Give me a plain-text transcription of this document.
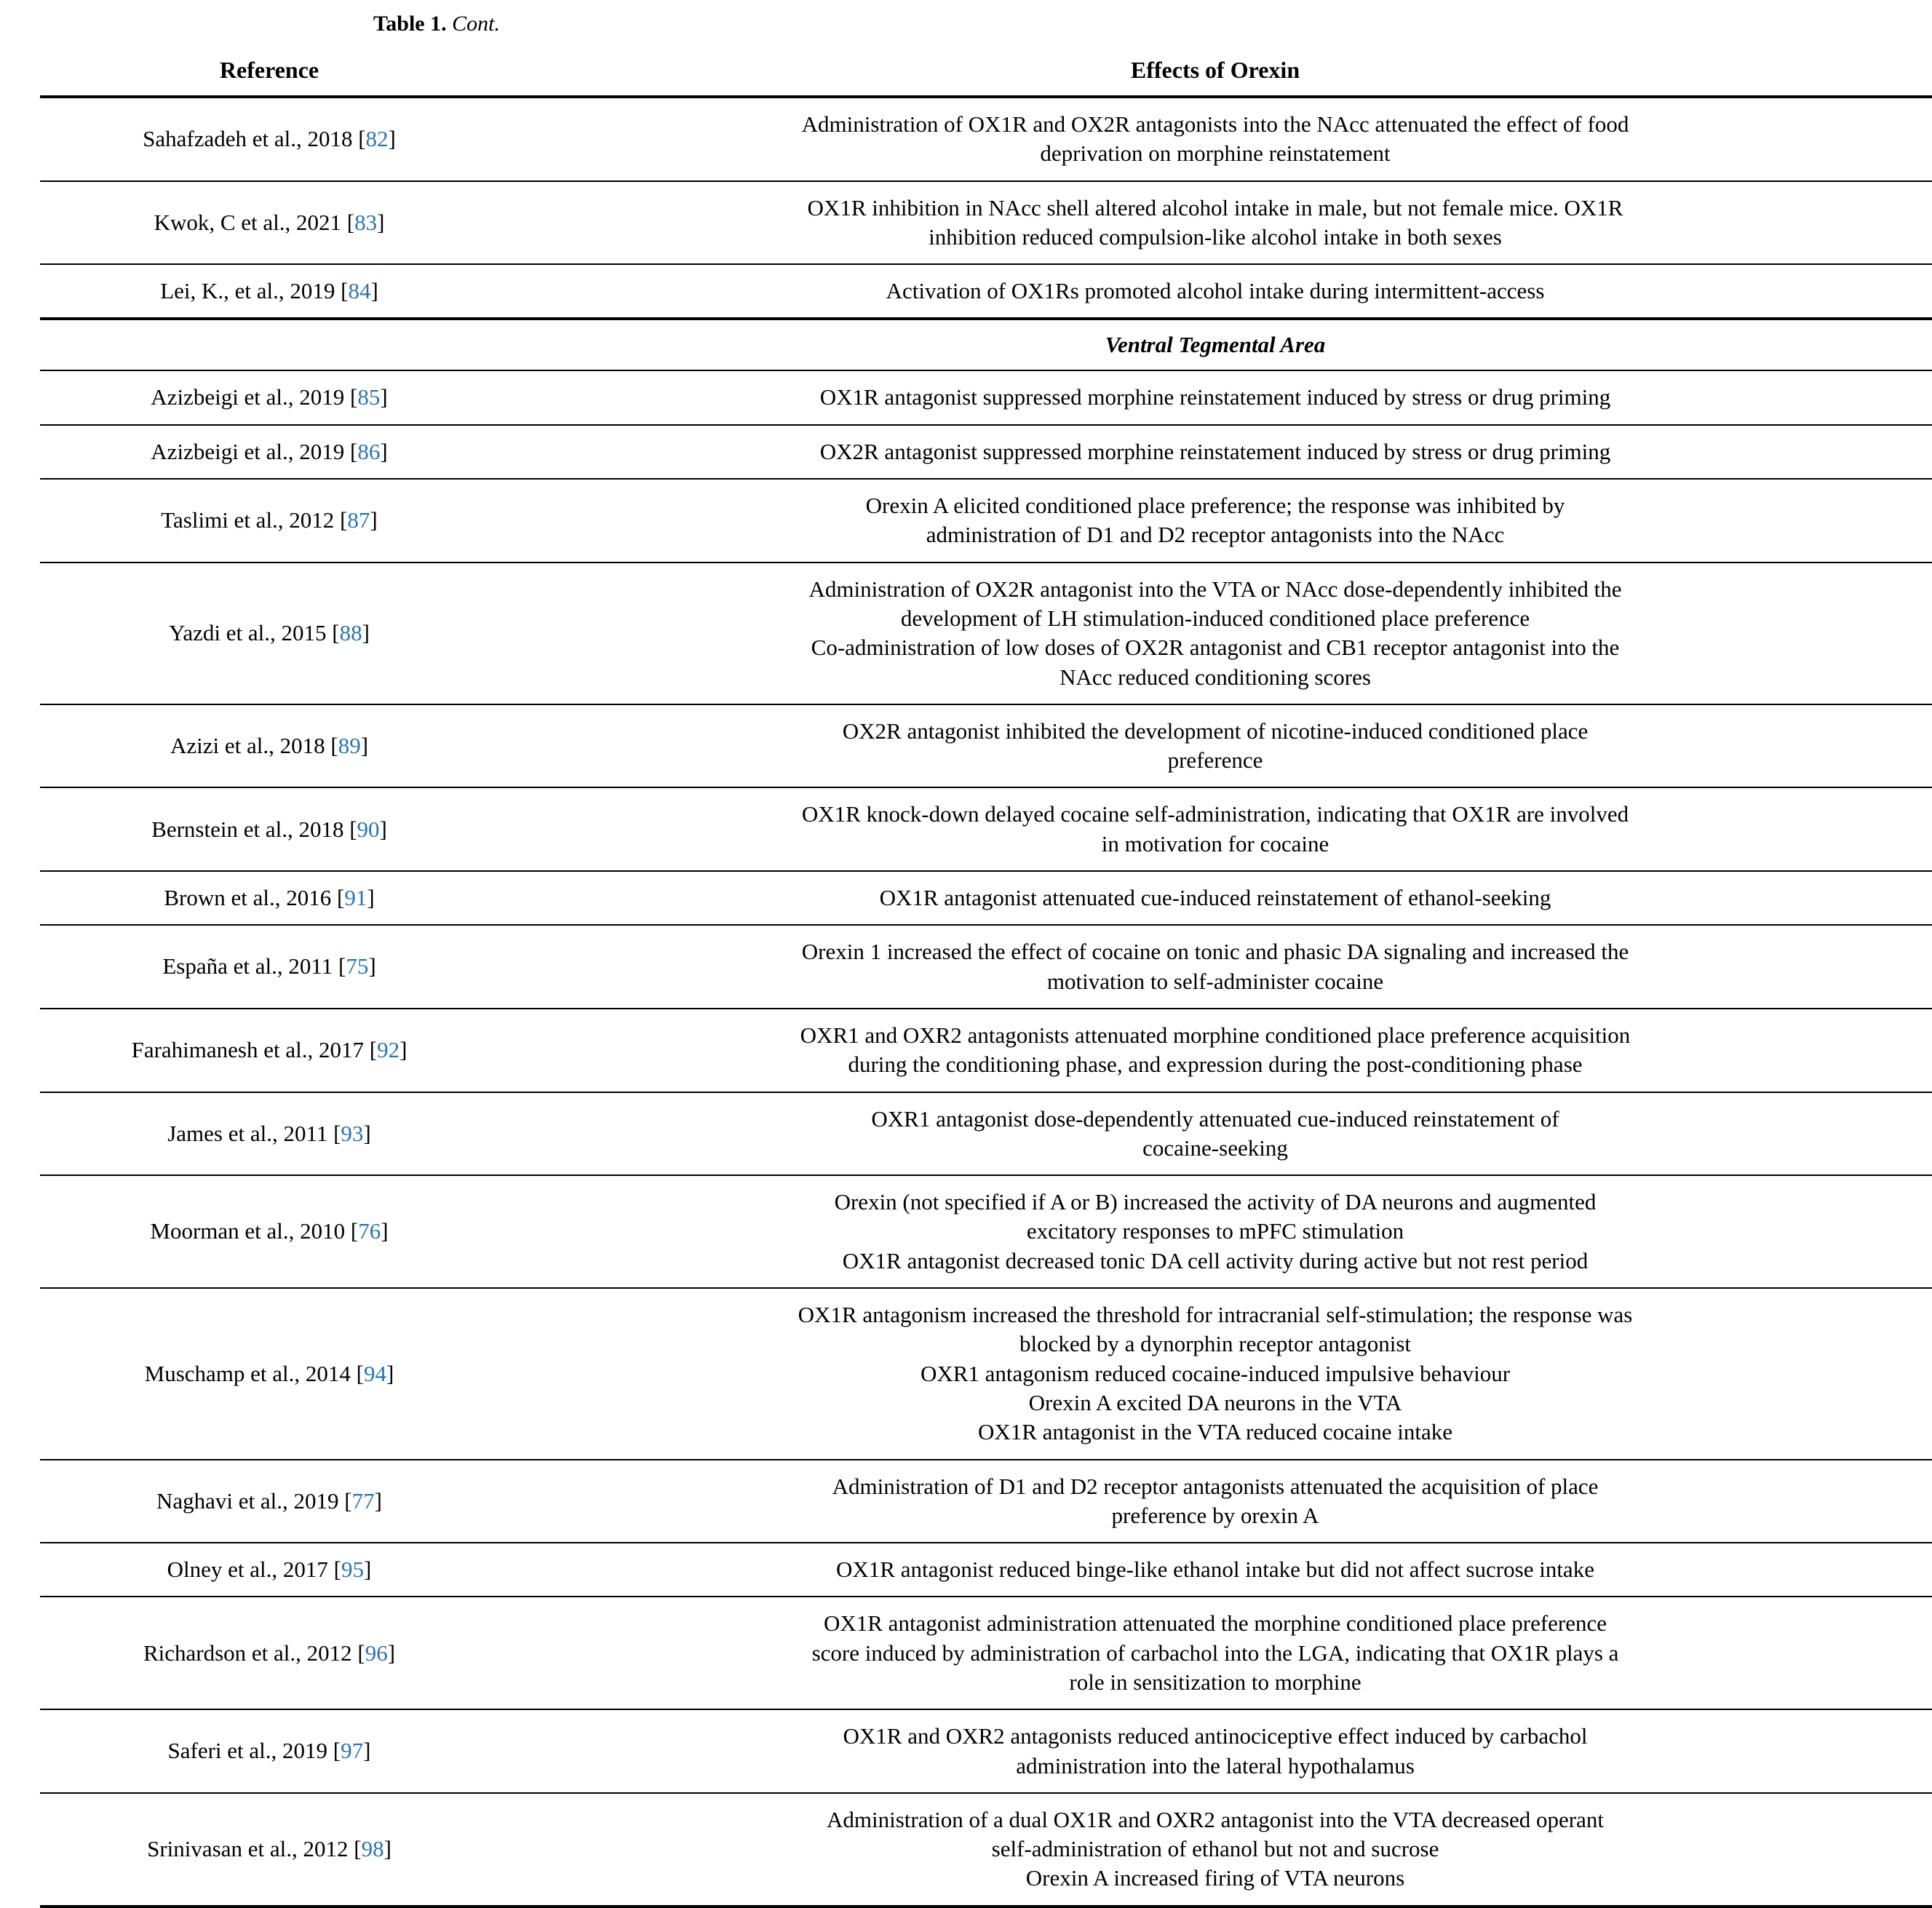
Table 1. Cont.
Reference	Effects of Orexin
Sahafzadeh et al., 2018 [82]	Administration of OX1R and OX2R antagonists into the NAcc attenuated the effect of food
deprivation on morphine reinstatement

Kwok, C et al., 2021 [83]	OX1R inhibition in NAcc shell altered alcohol intake in male, but not female mice. OX1R
inhibition reduced compulsion-like alcohol intake in both sexes

Lei, K., et al., 2019 [84]	Activation of OX1Rs promoted alcohol intake during intermittent-access

Ventral Tegmental Area	

Azizbeigi et al., 2019 [85]	OX1R antagonist suppressed morphine reinstatement induced by stress or drug priming

Azizbeigi et al., 2019 [86]	OX2R antagonist suppressed morphine reinstatement induced by stress or drug priming

Taslimi et al., 2012 [87]	Orexin A elicited conditioned place preference; the response was inhibited by
administration of D1 and D2 receptor antagonists into the NAcc

Yazdi et al., 2015 [88]	Administration of OX2R antagonist into the VTA or NAcc dose-dependently inhibited the
development of LH stimulation-induced conditioned place preference
Co-administration of low doses of OX2R antagonist and CB1 receptor antagonist into the
NAcc reduced conditioning scores

Azizi et al., 2018 [89]	OX2R antagonist inhibited the development of nicotine-induced conditioned place
preference

Bernstein et al., 2018 [90]	OX1R knock-down delayed cocaine self-administration, indicating that OX1R are involved
in motivation for cocaine

Brown et al., 2016 [91]	OX1R antagonist attenuated cue-induced reinstatement of ethanol-seeking

España et al., 2011 [75]	Orexin 1 increased the effect of cocaine on tonic and phasic DA signaling and increased the
motivation to self-administer cocaine

Farahimanesh et al., 2017 [92]	OXR1 and OXR2 antagonists attenuated morphine conditioned place preference acquisition
during the conditioning phase, and expression during the post-conditioning phase

James et al., 2011 [93]	OXR1 antagonist dose-dependently attenuated cue-induced reinstatement of
cocaine-seeking

Moorman et al., 2010 [76]	Orexin (not specified if A or B) increased the activity of DA neurons and augmented
excitatory responses to mPFC stimulation
OX1R antagonist decreased tonic DA cell activity during active but not rest period

Muschamp et al., 2014 [94]	OX1R antagonism increased the threshold for intracranial self-stimulation; the response was
blocked by a dynorphin receptor antagonist
OXR1 antagonism reduced cocaine-induced impulsive behaviour
Orexin A excited DA neurons in the VTA
OX1R antagonist in the VTA reduced cocaine intake

Naghavi et al., 2019 [77]	Administration of D1 and D2 receptor antagonists attenuated the acquisition of place
preference by orexin A

Olney et al., 2017 [95]	OX1R antagonist reduced binge-like ethanol intake but did not affect sucrose intake

Richardson et al., 2012 [96]	OX1R antagonist administration attenuated the morphine conditioned place preference
score induced by administration of carbachol into the LGA, indicating that OX1R plays a
role in sensitization to morphine

Saferi et al., 2019 [97]	OX1R and OXR2 antagonists reduced antinociceptive effect induced by carbachol
administration into the lateral hypothalamus

Srinivasan et al., 2012 [98]	Administration of a dual OX1R and OXR2 antagonist into the VTA decreased operant
self-administration of ethanol but not and sucrose
Orexin A increased firing of VTA neurons
